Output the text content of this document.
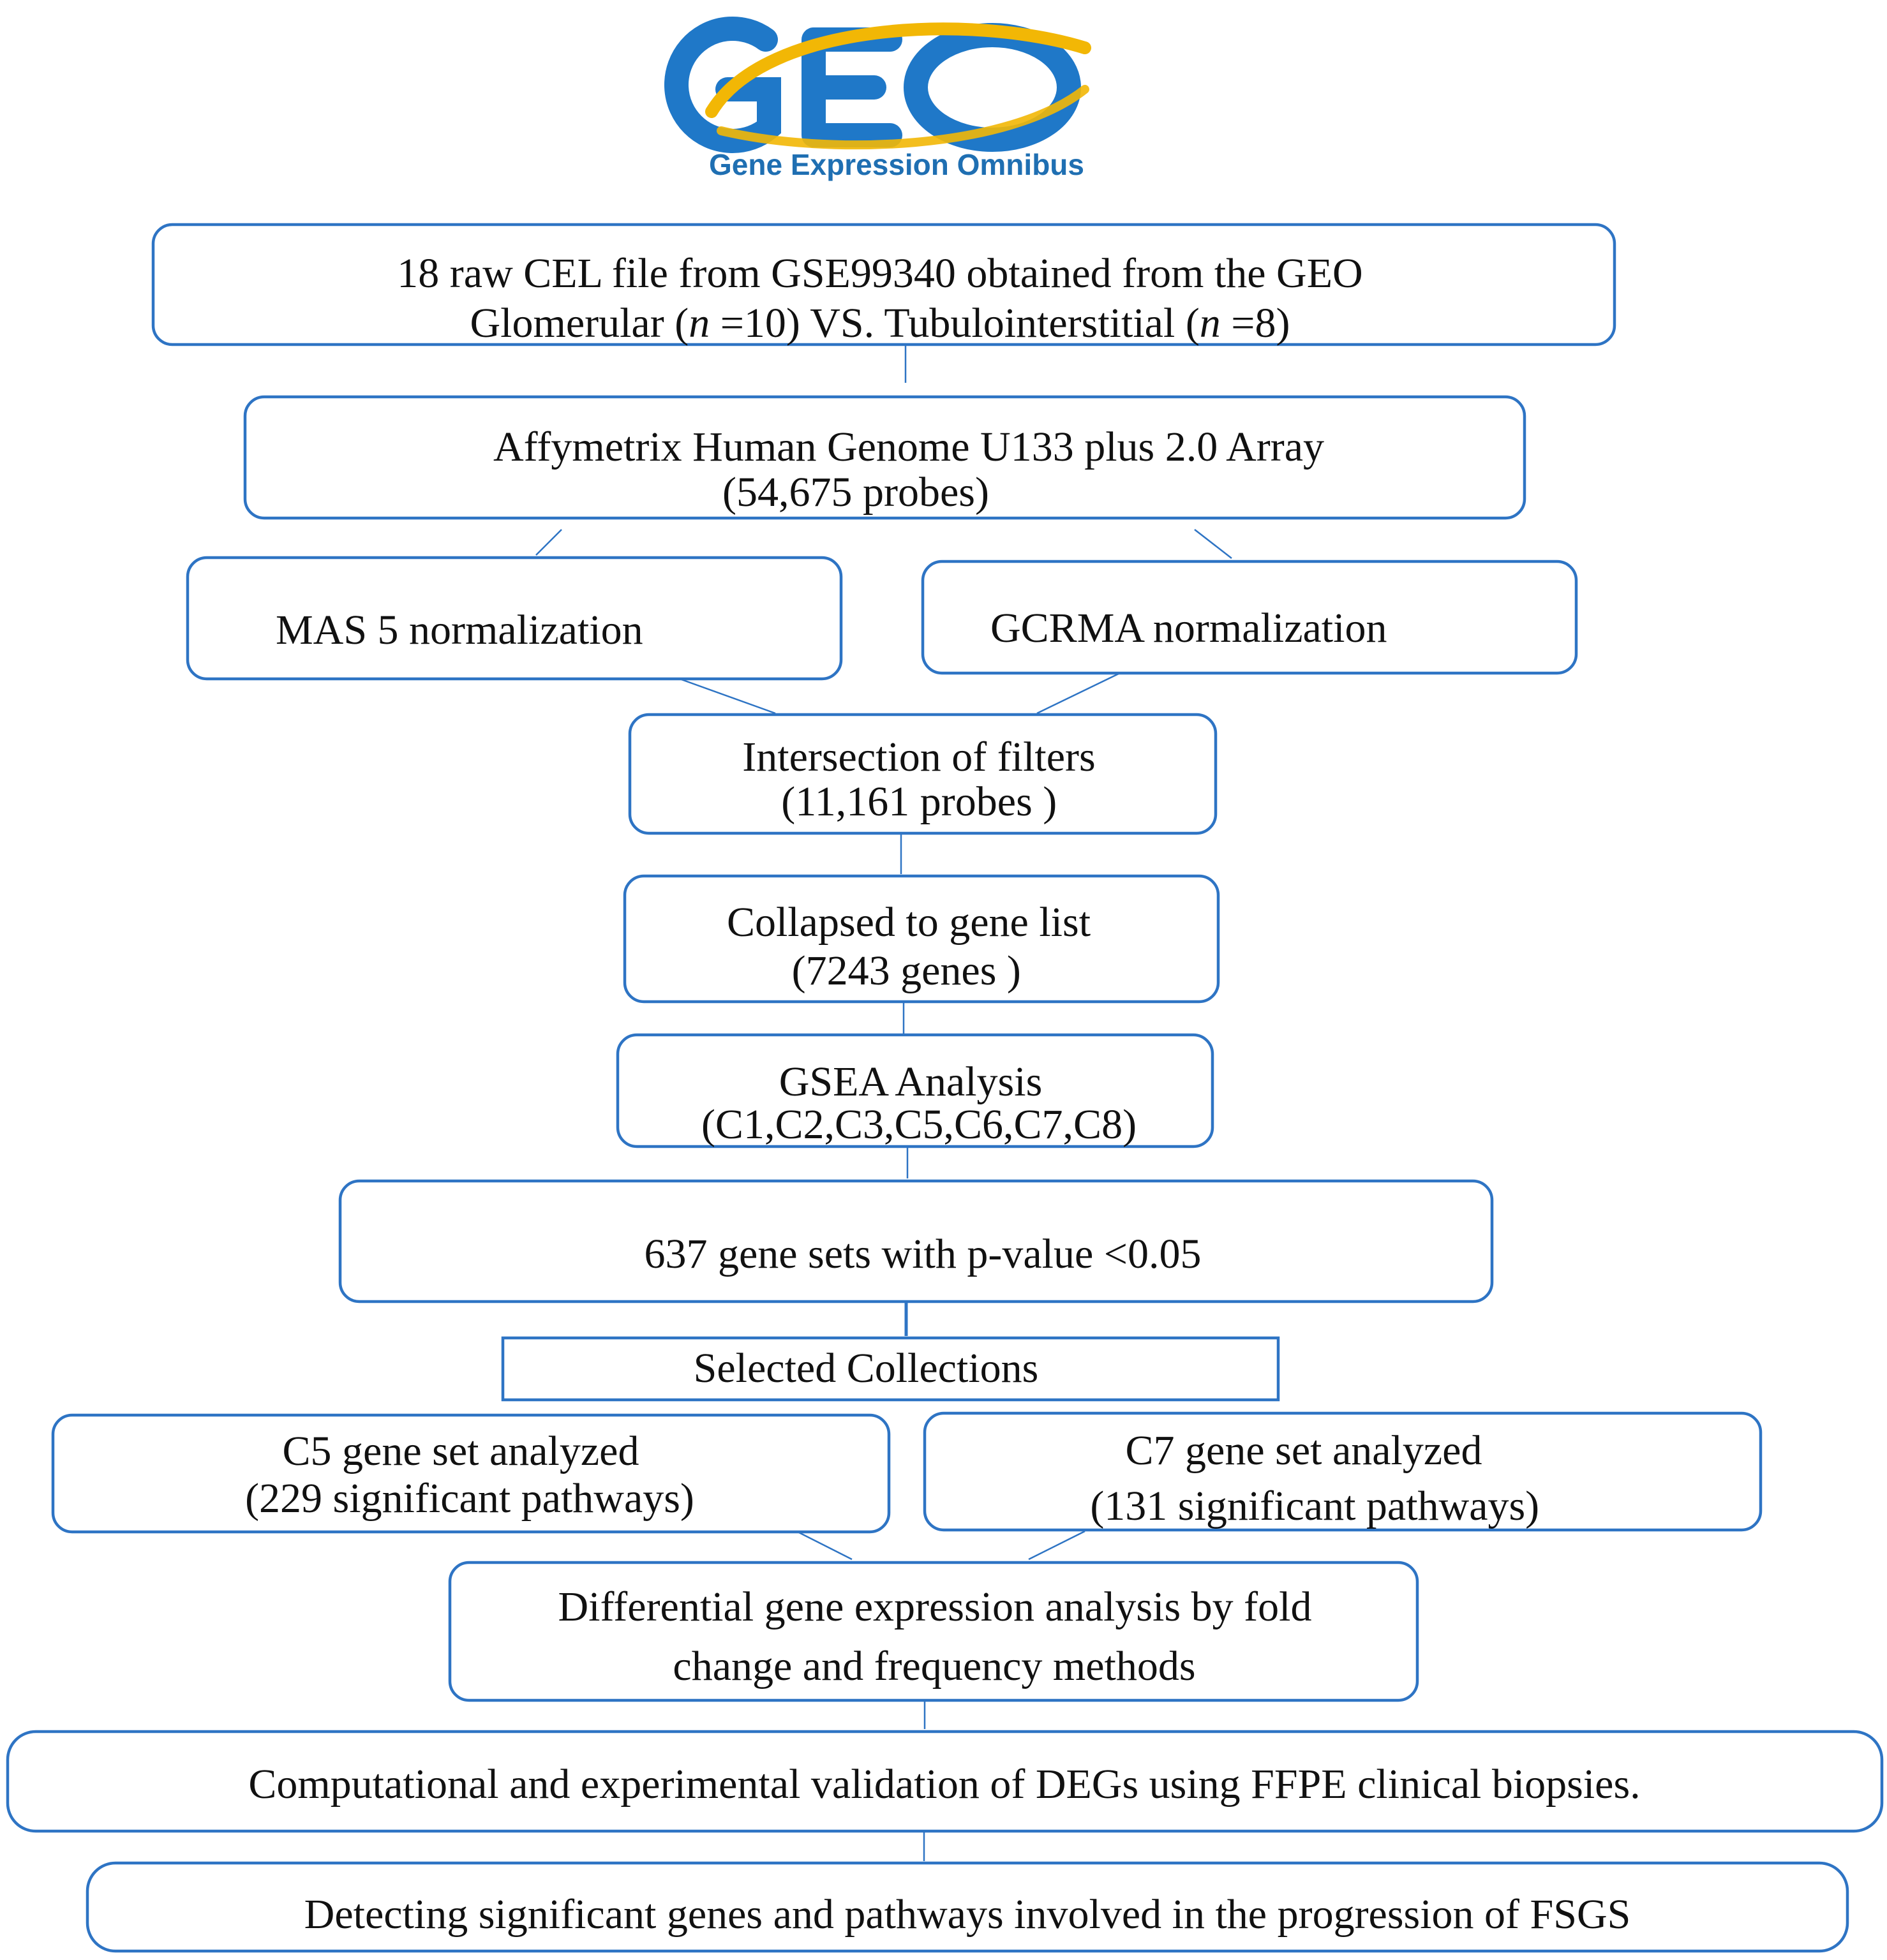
Gene Expression Omnibus
18 raw CEL file from GSE99340 obtained from the GEO Glomerular (n =10) VS. Tubulointerstitial (n =8)
Affymetrix Human Genome U133 plus 2.0 Array (54,675 probes)
MAS 5 normalization	GCRMA normalization
Intersection of filters (11,161 probes )
Collapsed to gene list (7243 genes )
GSEA Analysis (C1,C2,C3,C5,C6,C7,C8)
637 gene sets with p-value <0.05
Selected Collections
C5 gene set analyzed (229 significant pathways)
C7 gene set analyzed (131 significant pathways)
Differential gene expression analysis by fold change and frequency methods
Computational and experimental validation of DEGs using FFPE clinical biopsies.
Detecting significant genes and pathways involved in the progression of FSGS
